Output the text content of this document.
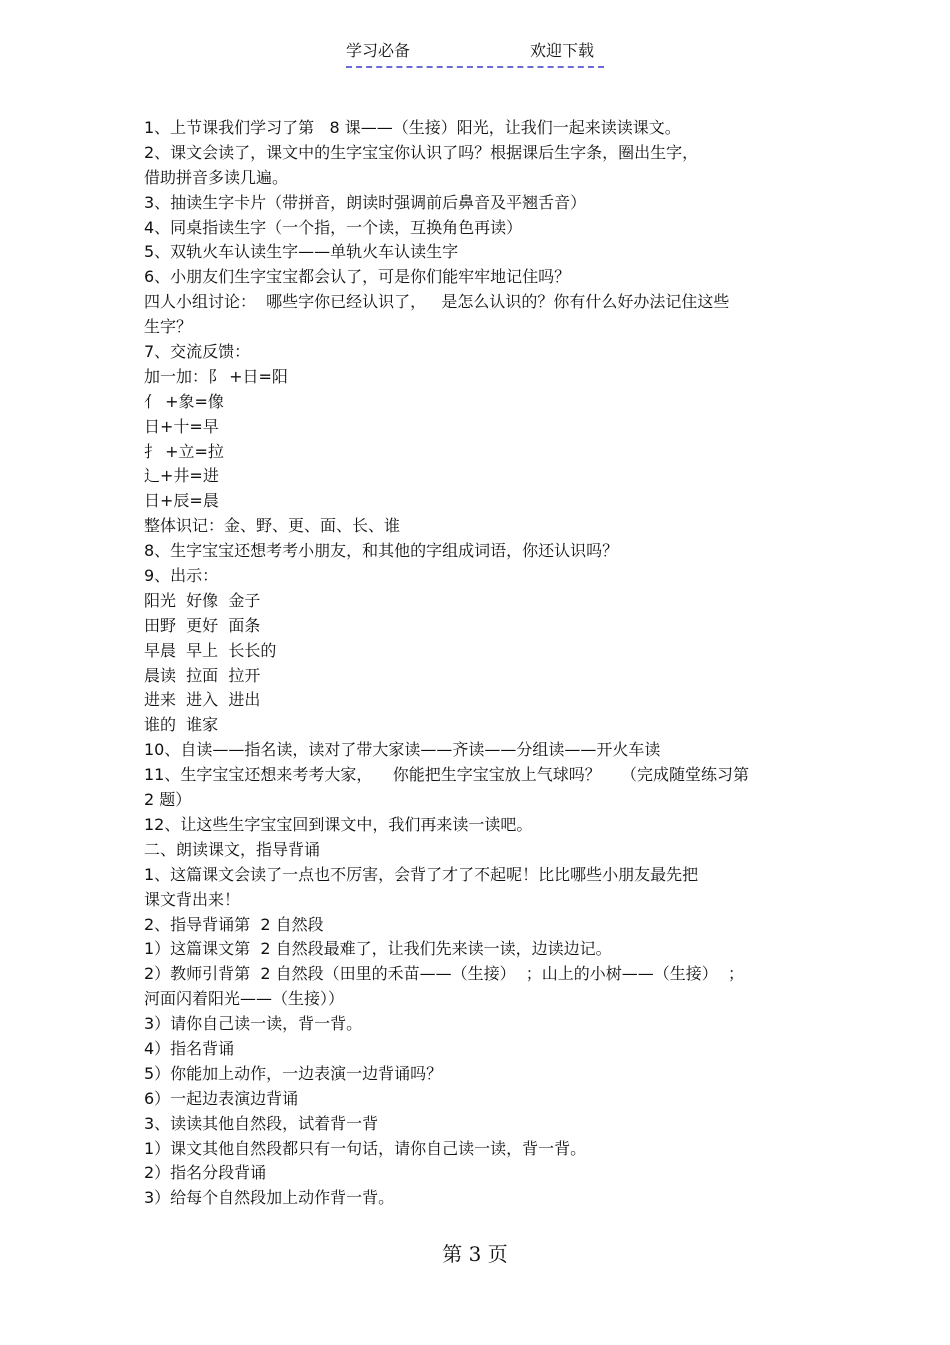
学习必备	欢迎下载
1、上节课我们学习了第   8 课——（生接）阳光，让我们一起来读读课文。
2、课文会读了，课文中的生字宝宝你认识了吗？根据课后生字条，圈出生字，
借助拼音多读几遍。
3、抽读生字卡片（带拼音，朗读时强调前后鼻音及平翘舌音）
4、同桌指读生字（一个指，一个读，互换角色再读）
5、双轨火车认读生字——单轨火车认读生字
6、小朋友们生字宝宝都会认了，可是你们能牢牢地记住吗？
四人小组讨论：  哪些字你已经认识了，   是怎么认识的？你有什么好办法记住这些
生字？
7、交流反馈：
加一加：阝 +日=阳
亻 +象=像
日+十=早
扌 +立=拉
辶+井=进
日+辰=晨
整体识记：金、野、更、面、长、谁
8、生字宝宝还想考考小朋友，和其他的字组成词语，你还认识吗？
9、出示：
阳光  好像  金子
田野  更好  面条
早晨  早上  长长的
晨读  拉面  拉开
进来  进入  进出
谁的  谁家
10、自读——指名读，读对了带大家读——齐读——分组读——开火车读
11、生字宝宝还想来考考大家，    你能把生字宝宝放上气球吗？    （完成随堂练习第
2 题）
12、让这些生字宝宝回到课文中，我们再来读一读吧。
二、朗读课文，指导背诵
1、这篇课文会读了一点也不厉害，会背了才了不起呢！比比哪些小朋友最先把
课文背出来！
2、指导背诵第  2 自然段
1）这篇课文第  2 自然段最难了，让我们先来读一读，边读边记。
2）教师引背第  2 自然段（田里的禾苗——（生接）  ；山上的小树——（生接）  ；
河面闪着阳光——（生接））
3）请你自己读一读，背一背。
4）指名背诵
5）你能加上动作，一边表演一边背诵吗？
6）一起边表演边背诵
3、读读其他自然段，试着背一背
1）课文其他自然段都只有一句话，请你自己读一读，背一背。
2）指名分段背诵
3）给每个自然段加上动作背一背。
第 3 页
